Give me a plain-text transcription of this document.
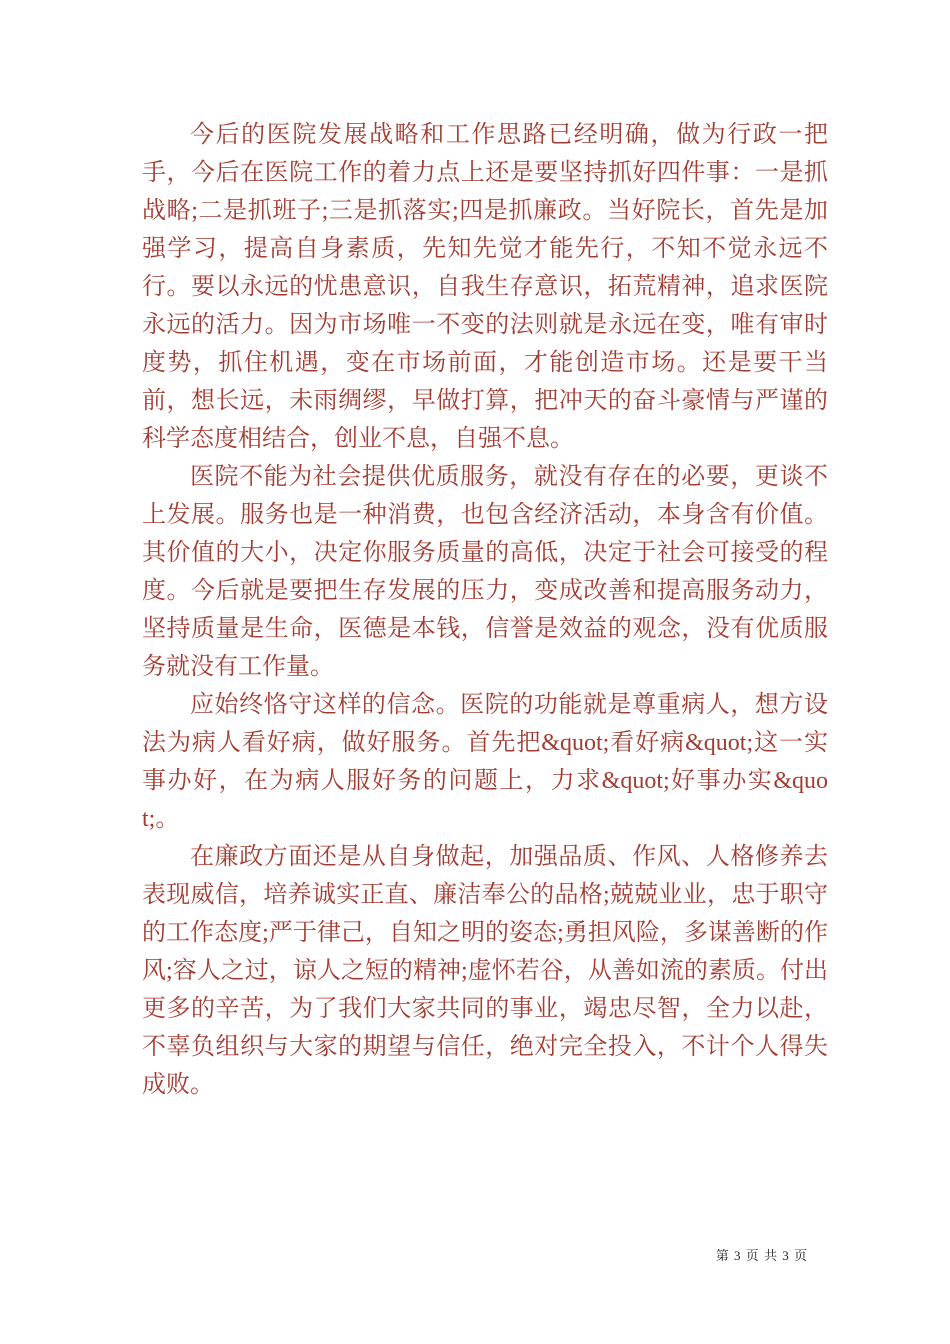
今后的医院发展战略和工作思路已经明确，做为行政一把手，今后在医院工作的着力点上还是要坚持抓好四件事：一是抓战略;二是抓班子;三是抓落实;四是抓廉政。当好院长，首先是加强学习，提高自身素质，先知先觉才能先行，不知不觉永远不行。要以永远的忧患意识，自我生存意识，拓荒精神，追求医院永远的活力。因为市场唯一不变的法则就是永远在变，唯有审时度势，抓住机遇，变在市场前面，才能创造市场。还是要干当前，想长远，未雨绸缪，早做打算，把冲天的奋斗豪情与严谨的科学态度相结合，创业不息，自强不息。

医院不能为社会提供优质服务，就没有存在的必要，更谈不上发展。服务也是一种消费，也包含经济活动，本身含有价值。其价值的大小，决定你服务质量的高低，决定于社会可接受的程度。今后就是要把生存发展的压力，变成改善和提高服务动力，坚持质量是生命，医德是本钱，信誉是效益的观念，没有优质服务就没有工作量。

应始终恪守这样的信念。医院的功能就是尊重病人，想方设法为病人看好病，做好服务。首先把&quot;看好病&quot;这一实事办好，在为病人服好务的问题上，力求&quot;好事办实&quot;。

在廉政方面还是从自身做起，加强品质、作风、人格修养去表现威信，培养诚实正直、廉洁奉公的品格;兢兢业业，忠于职守的工作态度;严于律己，自知之明的姿态;勇担风险，多谋善断的作风;容人之过，谅人之短的精神;虚怀若谷，从善如流的素质。付出更多的辛苦，为了我们大家共同的事业，竭忠尽智，全力以赴，不辜负组织与大家的期望与信任，绝对完全投入，不计个人得失成败。

第 3 页 共 3 页
